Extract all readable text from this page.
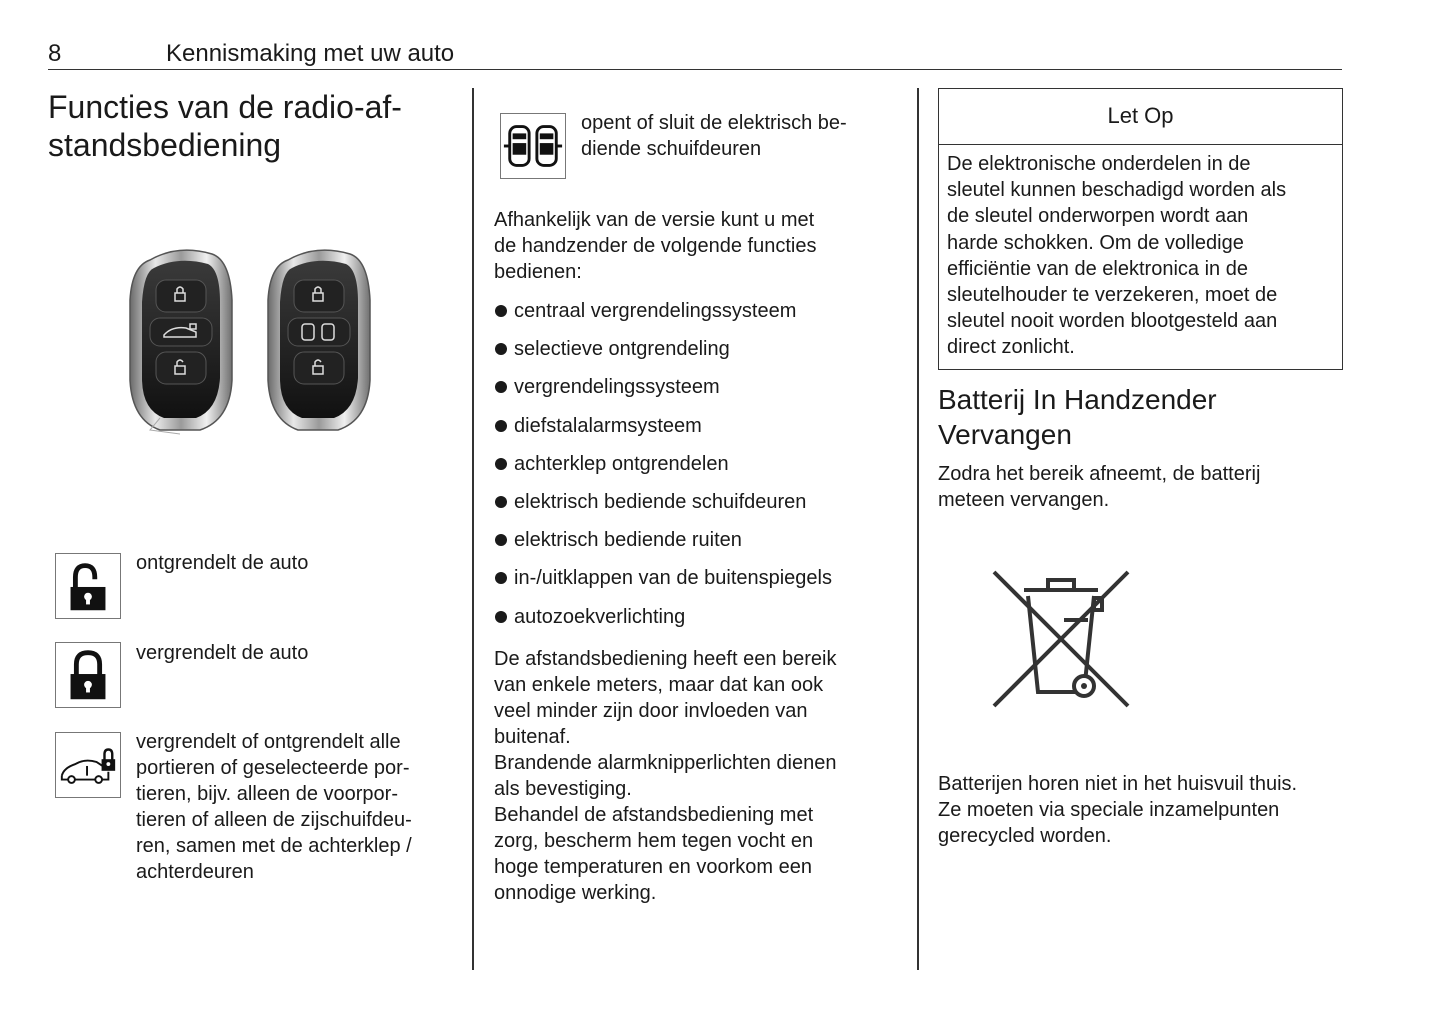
8	Kennismaking met uw auto
Functies van de radio-af-
standsbediening
ontgrendelt de auto
vergrendelt de auto
vergrendelt of ontgrendelt alle
portieren of geselecteerde por-
tieren, bijv. alleen de voorpor-
tieren of alleen de zijschuifdeu-
ren, samen met de achterklep /
achterdeuren
opent of sluit de elektrisch be-
diende schuifdeuren
Afhankelijk van de versie kunt u met
de handzender de volgende functies
bedienen:
centraal vergrendelingssysteem
selectieve ontgrendeling
vergrendelingssysteem
diefstalalarmsysteem
achterklep ontgrendelen
elektrisch bediende schuifdeuren
elektrisch bediende ruiten
in-/uitklappen van de buitenspiegels
autozoekverlichting
De afstandsbediening heeft een bereik
van enkele meters, maar dat kan ook
veel minder zijn door invloeden van
buitenaf.
Brandende alarmknipperlichten dienen
als bevestiging.
Behandel de afstandsbediening met
zorg, bescherm hem tegen vocht en
hoge temperaturen en voorkom een
onnodige werking.
Let Op
De elektronische onderdelen in de
sleutel kunnen beschadigd worden als
de sleutel onderworpen wordt aan
harde schokken. Om de volledige
efficiëntie van de elektronica in de
sleutelhouder te verzekeren, moet de
sleutel nooit worden blootgesteld aan
direct zonlicht.
Batterij In Handzender
Vervangen
Zodra het bereik afneemt, de batterij
meteen vervangen.
Batterijen horen niet in het huisvuil thuis.
Ze moeten via speciale inzamelpunten
gerecycled worden.
